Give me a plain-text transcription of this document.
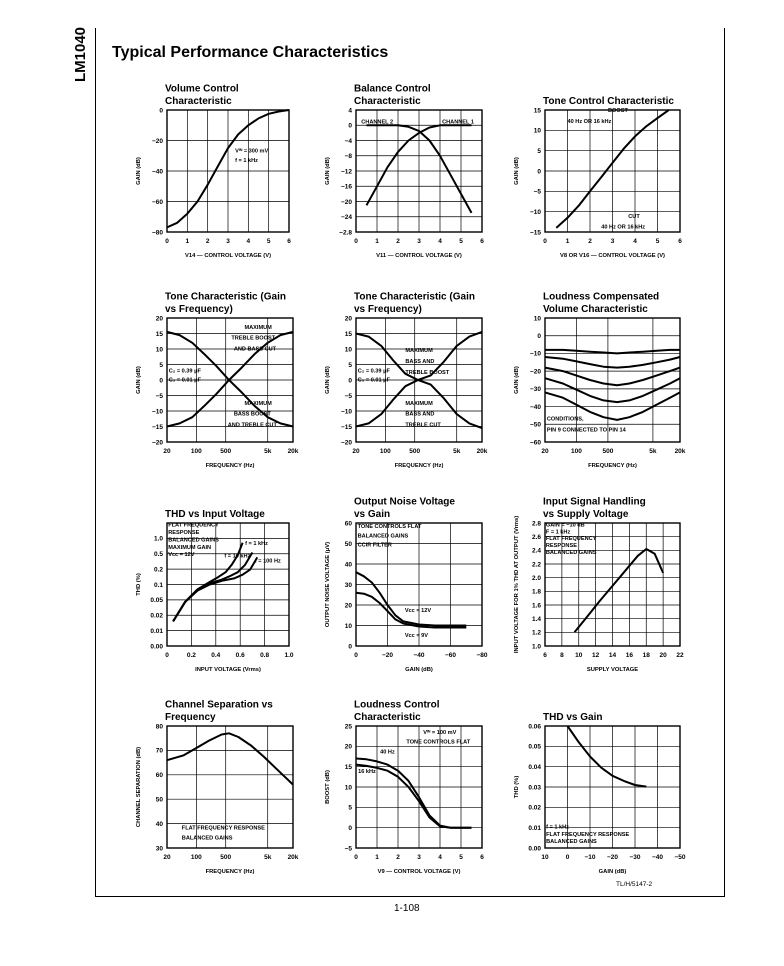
LM1040 Typical Performance Characteristics
Volume Control
Characteristic
0	1	2	3	4	5	6
−80
−60
−40
−20
0
Vᴵᴺ = 300 mV
f = 1 kHz
V14 — CONTROL VOLTAGE (V)
GAIN (dB)
Balance Control
Characteristic
0	1	2	3	4	5	6
−2.8
−24
−20
−16
−12
−8
−4
0
4
CHANNEL 2	CHANNEL 1
V11 — CONTROL VOLTAGE (V)
GAIN (dB)
Tone Control Characteristic
0	1	2	3	4	5	6
−15
−10
−5
0
5
10
15	BOOST
40 Hz OR 16 kHz
CUT
40 Hz OR 16 kHz
V8 OR V16 — CONTROL VOLTAGE (V)
GAIN (dB)
Tone Characteristic (Gain
vs Frequency)
20	100	500	5k 20k
−20
−15
−10
−5
0
5
10
15
20
MAXIMUM
TREBLE BOOST
AND BASS CUT
C₂ = 0.39 μF
C₃ = 0.01 μF
MAXIMUM
BASS BOOST
AND TREBLE CUT
FREQUENCY (Hz)
GAIN (dB)
Tone Characteristic (Gain
vs Frequency)
20	100	500	5k 20k
−20
−15
−10
−5
0
5
10
15
20
MAXIMUM
BASS AND
TREBLE BOOST
C₂ = 0.39 μF
C₃ = 0.01 μF
MAXIMUM
BASS AND
TREBLE CUT
FREQUENCY (Hz)
GAIN (dB)
Loudness Compensated
Volume Characteristic
20	100	500	5k	20k
−60
−50
−40
−30
−20
−10
0
10
CONDITIONS,
PIN 9 CONNECTED TO PIN 14
FREQUENCY (Hz)
GAIN (dB)
THD vs Input Voltage
0	0.2 0.4 0.6 0.8 1.0
0.00
0.01
0.02
0.05
0.1
0.2
0.5
1.0
FLAT FREQUENCY
RESPONSE
BALANCED GAINS
MAXIMUM GAIN
Vcc = 12V	f = 10 kHz
f = 1 kHz
f = 100 Hz
INPUT VOLTAGE (Vrms)
THD (%)
Output Noise Voltage
vs Gain
0	−20	−40	−60	−80
0
10
20
30
40
50
60 TONE CONTROLS FLAT
BALANCED GAINS
CCIR FILTER
Vcc = 12V
Vcc = 9V
GAIN (dB)
OUTPUT NOISE VOLTAGE (μV)
Input Signal Handling
vs Supply Voltage
6 8 10 12 14 16 18 20 22
1.0
1.2
1.4
1.6
1.8
2.0
2.2
2.4
2.6
2.8 GAIN = −10 dB
F = 1 kHz
FLAT FREQUENCY
RESPONSE
BALANCED GAINS
SUPPLY VOLTAGE
INPUT VOLTAGE FOR 1% THD AT OUTPUT (Vrms)
Channel Separation vs
Frequency
20	100	500	5k 20k
30
40
50
60
70
80
FLAT FREQUENCY RESPONSE
BALANCED GAINS
FREQUENCY (Hz)
CHANNEL SEPARATION (dB)
Loudness Control
Characteristic
0	1	2	3	4	5	6
−5
0
5
10
15
20
25
Vᴵᴺ = 100 mV
TONE CONTROLS FLAT
40 Hz
16 kHz
V9 — CONTROL VOLTAGE (V)
BOOST (dB)
THD vs Gain
10	0 −10 −20 −30 −40 −50
0.00
0.01
0.02
0.03
0.04
0.05
0.06
f = 1 kHz
FLAT FREQUENCY RESPONSE
BALANCED GAINS
GAIN (dB)
THD (%)
TL/H/5147-2
1-108
